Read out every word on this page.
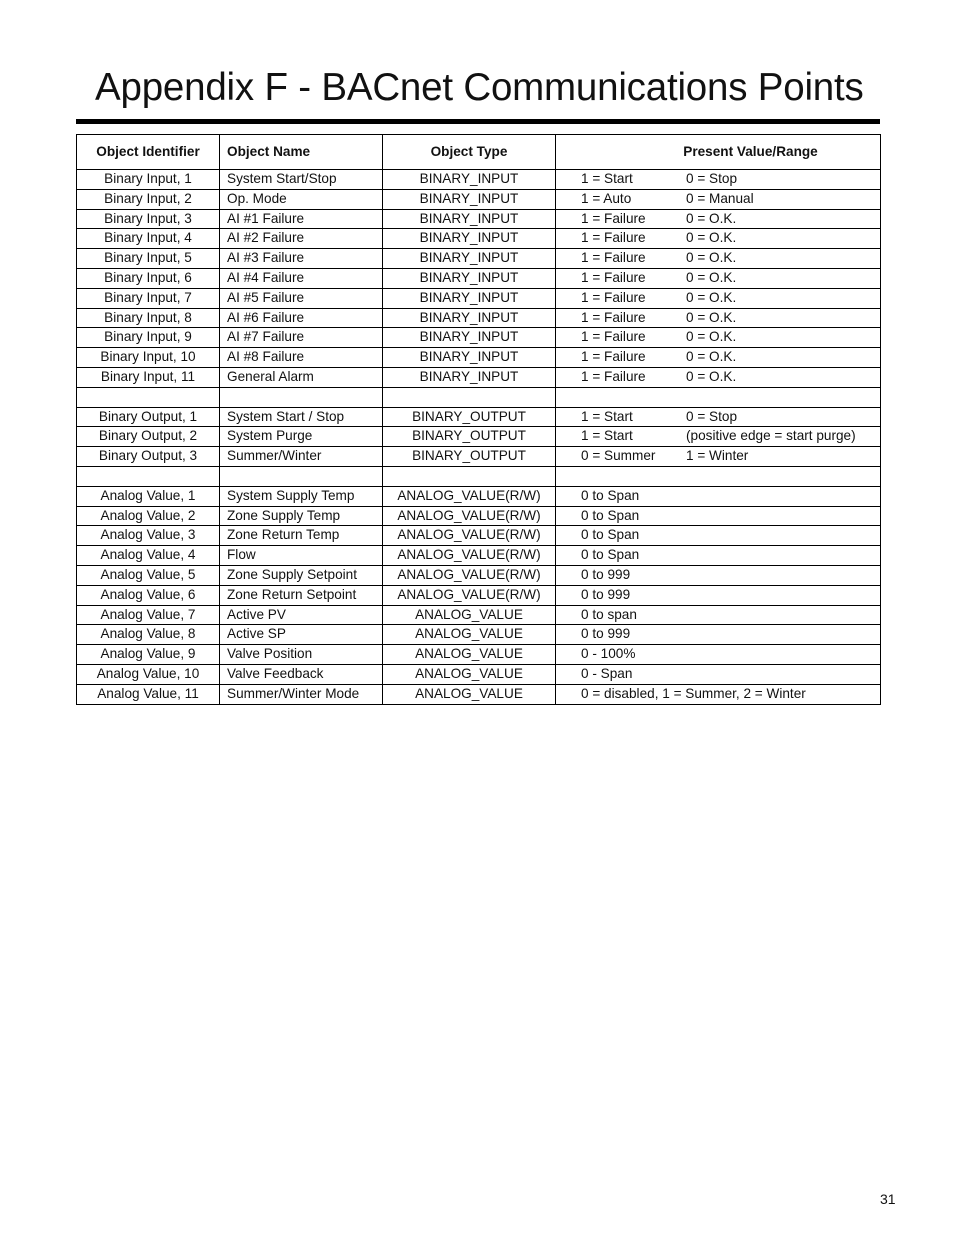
Appendix F - BACnet Communications Points
Object Identifier	Object Name	Object Type	Present Value/Range
Binary Input, 1	System Start/Stop	BINARY_INPUT	1 = Start 0 = Stop
Binary Input, 2	Op. Mode	BINARY_INPUT	1 = Auto 0 = Manual
Binary Input, 3	AI #1 Failure	BINARY_INPUT	1 = Failure 0 = O.K.
Binary Input, 4	AI #2 Failure	BINARY_INPUT	1 = Failure 0 = O.K.
Binary Input, 5	AI #3 Failure	BINARY_INPUT	1 = Failure 0 = O.K.
Binary Input, 6	AI #4 Failure	BINARY_INPUT	1 = Failure 0 = O.K.
Binary Input, 7	AI #5 Failure	BINARY_INPUT	1 = Failure 0 = O.K.
Binary Input, 8	AI #6 Failure	BINARY_INPUT	1 = Failure 0 = O.K.
Binary Input, 9	AI #7 Failure	BINARY_INPUT	1 = Failure 0 = O.K.
Binary Input, 10	AI #8 Failure	BINARY_INPUT	1 = Failure 0 = O.K.
Binary Input, 11	General Alarm	BINARY_INPUT	1 = Failure 0 = O.K.

Binary Output, 1	System Start / Stop	BINARY_OUTPUT	1 = Start 0 = Stop
Binary Output, 2	System Purge	BINARY_OUTPUT	1 = Start (positive edge = start purge)
Binary Output, 3	Summer/Winter	BINARY_OUTPUT	0 = Summer 1 = Winter

Analog Value, 1	System Supply Temp	ANALOG_VALUE(R/W)	0 to Span
Analog Value, 2	Zone Supply Temp	ANALOG_VALUE(R/W)	0 to Span
Analog Value, 3	Zone Return Temp	ANALOG_VALUE(R/W)	0 to Span
Analog Value, 4	Flow	ANALOG_VALUE(R/W)	0 to Span
Analog Value, 5	Zone Supply Setpoint	ANALOG_VALUE(R/W)	0 to 999
Analog Value, 6	Zone Return Setpoint	ANALOG_VALUE(R/W)	0 to 999
Analog Value, 7	Active PV	ANALOG_VALUE	0 to span
Analog Value, 8	Active SP	ANALOG_VALUE	0 to 999
Analog Value, 9	Valve Position	ANALOG_VALUE	0 - 100%
Analog Value, 10	Valve Feedback	ANALOG_VALUE	0 - Span
Analog Value, 11	Summer/Winter Mode	ANALOG_VALUE	0 = disabled, 1 = Summer, 2 = Winter
31
